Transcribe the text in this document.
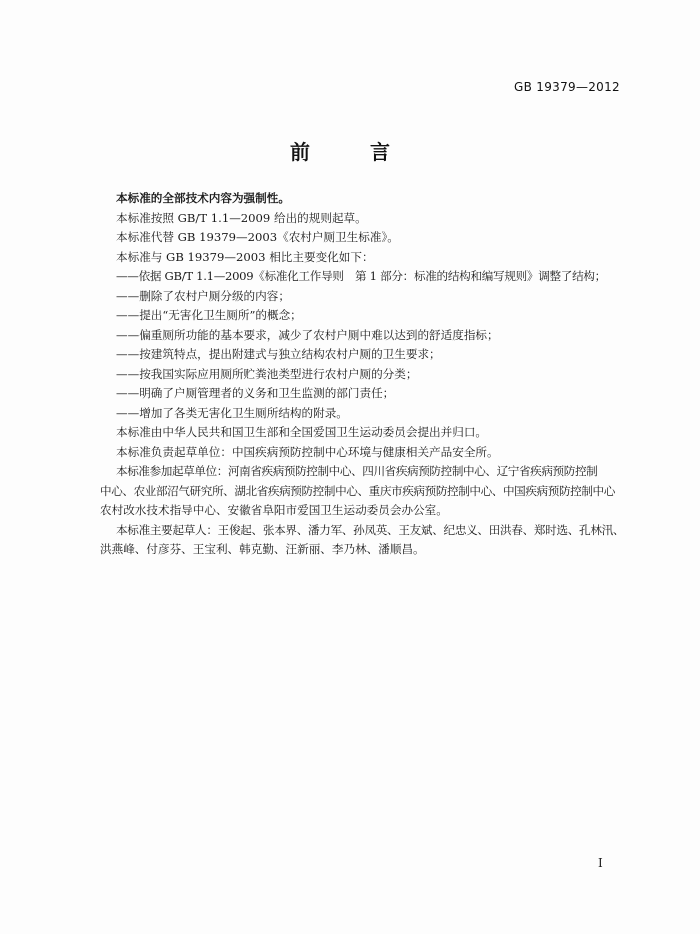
GB 19379—2012
前　言

本标准的全部技术内容为强制性。

本标准按照 GB/T 1.1—2009 给出的规则起草。

本标准代替 GB 19379—2003《农村户厕卫生标准》。

本标准与 GB 19379—2003 相比主要变化如下：

——依据 GB/T 1.1—2009《标准化工作导则　第 1 部分：标准的结构和编写规则》调整了结构；

——删除了农村户厕分级的内容；

——提出“无害化卫生厕所”的概念；

——偏重厕所功能的基本要求，减少了农村户厕中难以达到的舒适度指标；

——按建筑特点，提出附建式与独立结构农村户厕的卫生要求；

——按我国实际应用厕所贮粪池类型进行农村户厕的分类；

——明确了户厕管理者的义务和卫生监测的部门责任；

——增加了各类无害化卫生厕所结构的附录。

本标准由中华人民共和国卫生部和全国爱国卫生运动委员会提出并归口。

本标准负责起草单位：中国疾病预防控制中心环境与健康相关产品安全所。

本标准参加起草单位：河南省疾病预防控制中心、四川省疾病预防控制中心、辽宁省疾病预防控制

中心、农业部沼气研究所、湖北省疾病预防控制中心、重庆市疾病预防控制中心、中国疾病预防控制中心

农村改水技术指导中心、安徽省阜阳市爱国卫生运动委员会办公室。

本标准主要起草人：王俊起、张本界、潘力军、孙凤英、王友斌、纪忠义、田洪春、郑时选、孔林汛、

洪燕峰、付彦芬、王宝利、韩克勤、汪新丽、李乃林、潘顺昌。

I
